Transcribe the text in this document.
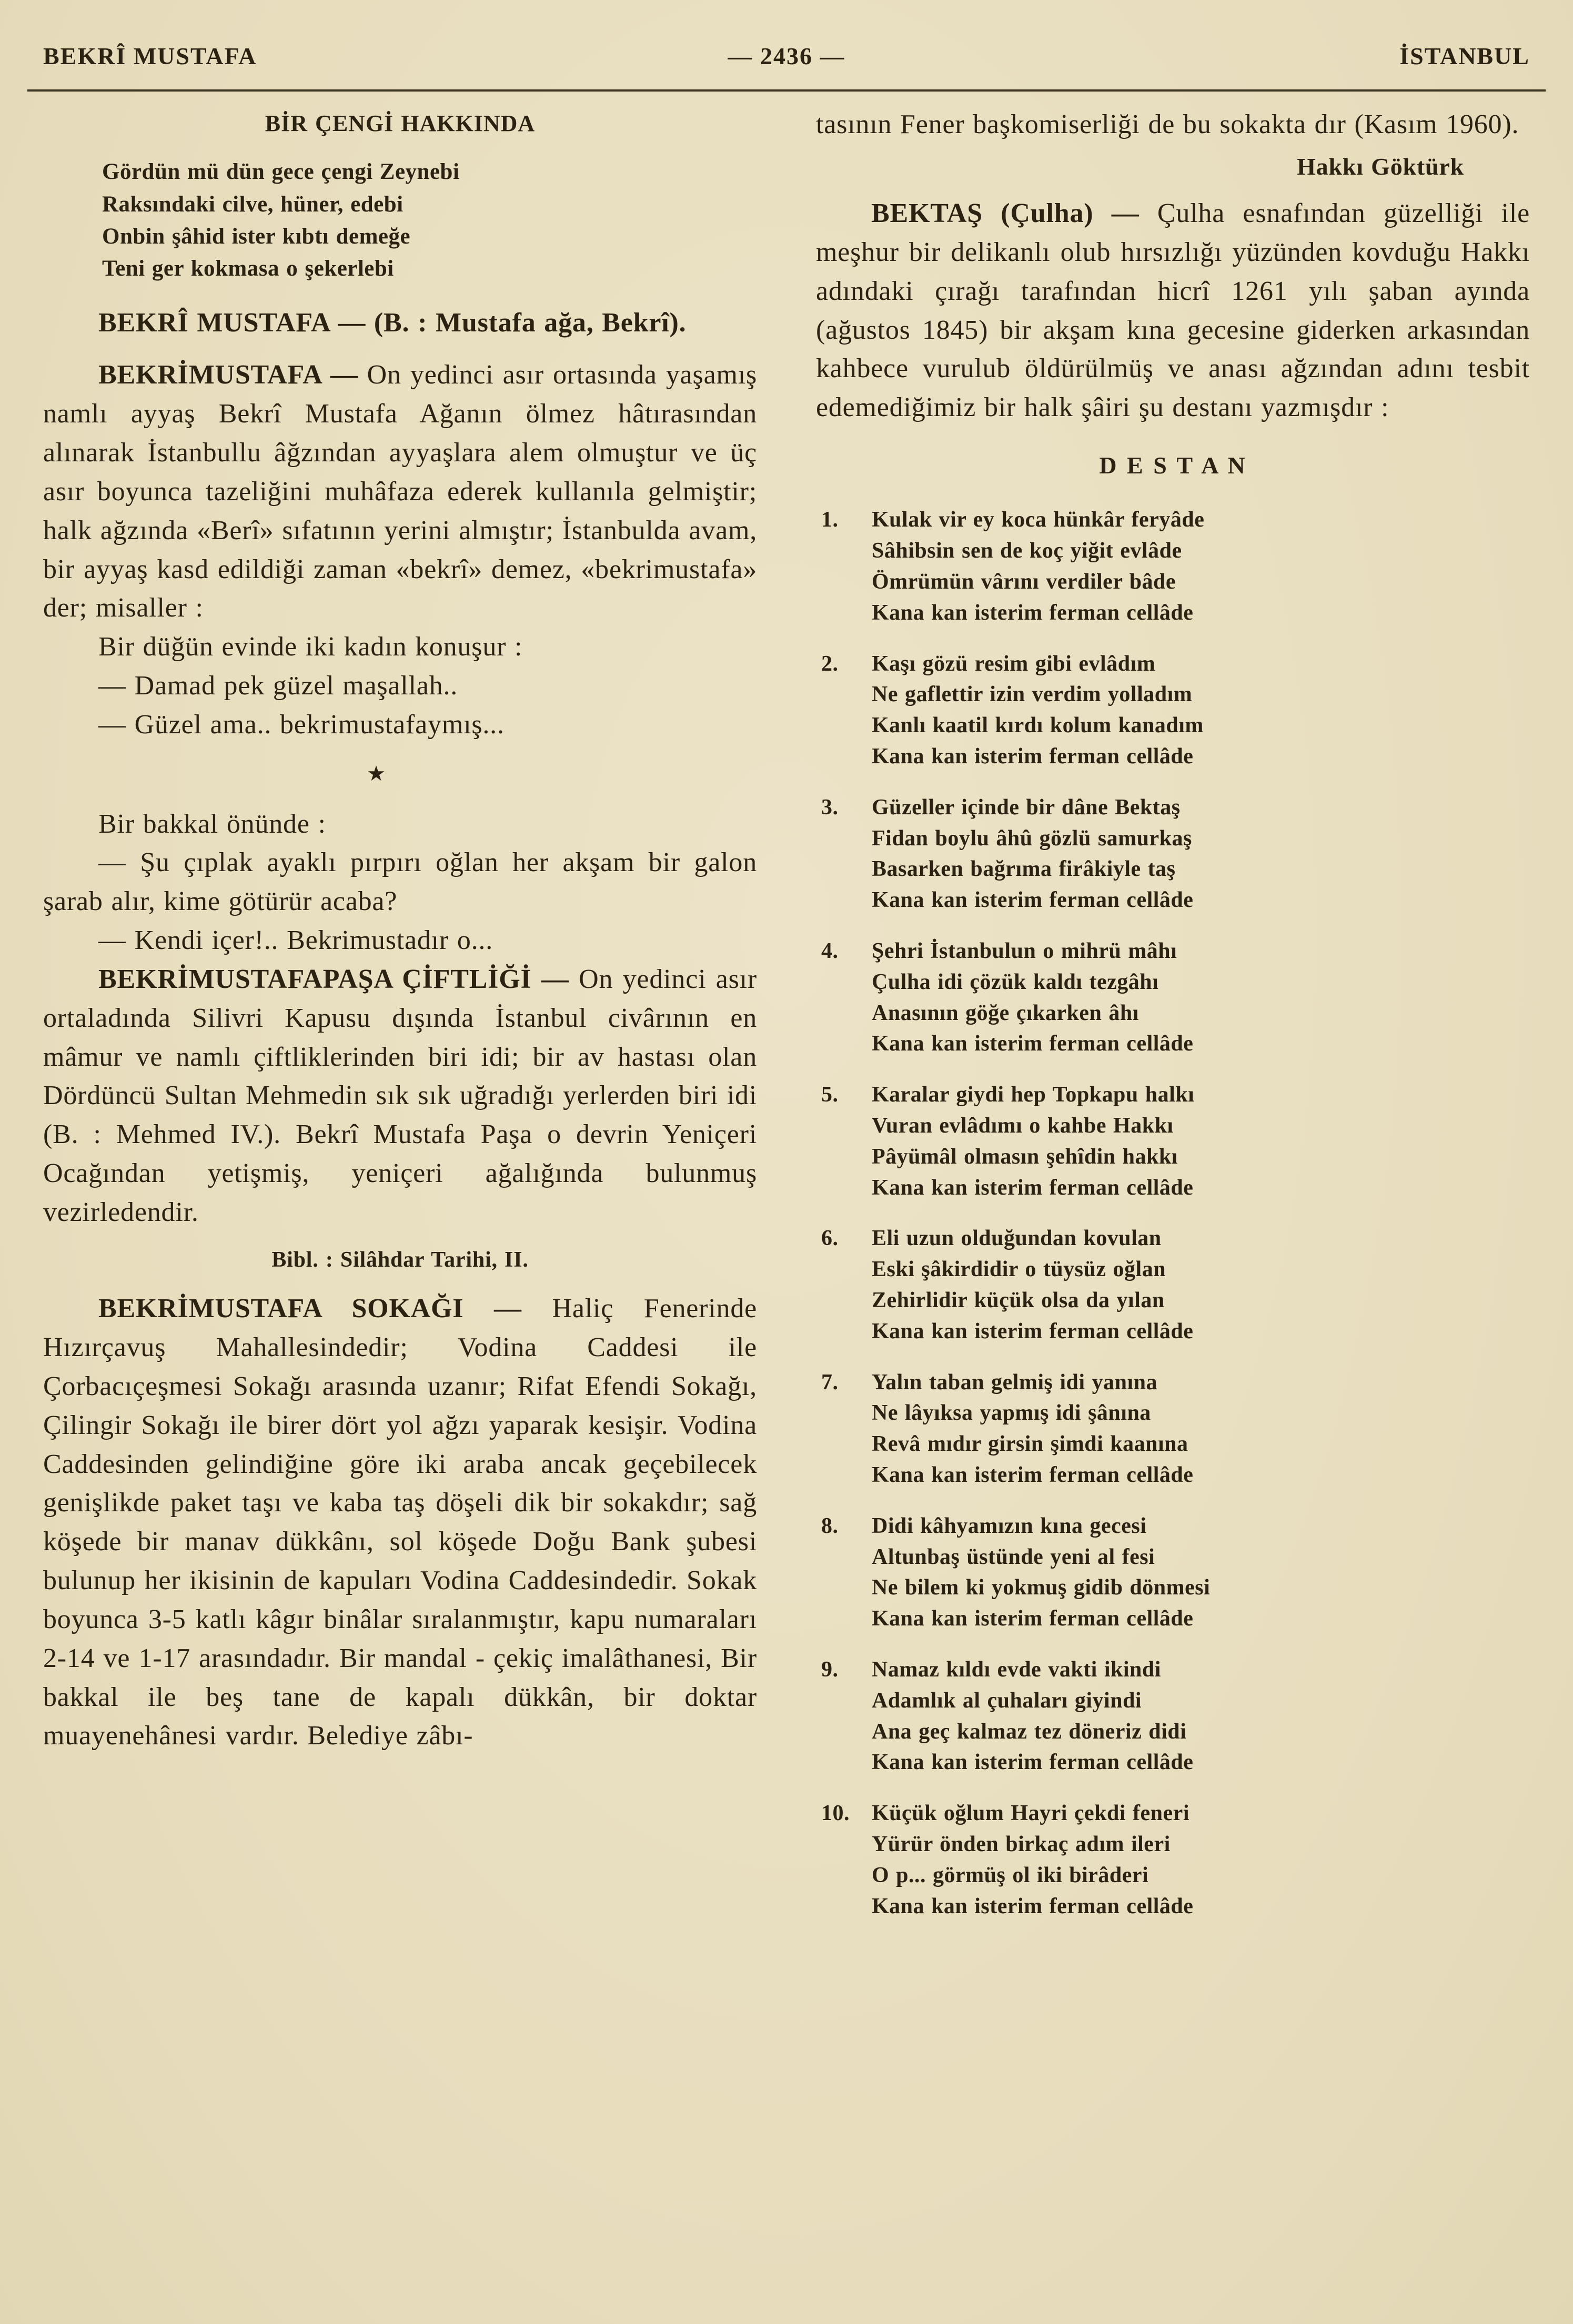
BEKRÎ MUSTAFA	— 2436 —	İSTANBUL
BİR ÇENGİ HAKKINDA
Gördün mü dün gece çengi Zeynebi
Raksındaki cilve, hüner, edebi
Onbin şâhid ister kıbtı demeğe
Teni ger kokmasa o şekerlebi
BEKRÎ MUSTAFA — (B. : Mustafa ağa, Bekrî).
BEKRİMUSTAFA — On yedinci asır ortasında yaşamış namlı ayyaş Bekrî Mustafa Ağanın ölmez hâtırasından alınarak İstanbullu âğzından ayyaşlara alem olmuştur ve üç asır boyunca tazeliğini muhâfaza ederek kullanıla gelmiştir; halk ağzında «Berî» sıfatının yerini almıştır; İstanbulda avam, bir ayyaş kasd edildiği zaman «bekrî» demez, «bekrimustafa» der; misaller :
Bir düğün evinde iki kadın konuşur :
— Damad pek güzel maşallah..
— Güzel ama.. bekrimustafaymış...
★
Bir bakkal önünde :
— Şu çıplak ayaklı pırpırı oğlan her akşam bir galon şarab alır, kime götürür acaba?
— Kendi içer!.. Bekrimustadır o...
BEKRİMUSTAFAPAŞA ÇİFTLİĞİ — On yedinci asır ortaladında Silivri Kapusu dışında İstanbul civârının en mâmur ve namlı çiftliklerinden biri idi; bir av hastası olan Dördüncü Sultan Mehmedin sık sık uğradığı yerlerden biri idi (B. : Mehmed IV.). Bekrî Mustafa Paşa o devrin Yeniçeri Ocağından yetişmiş, yeniçeri ağalığında bulunmuş vezirledendir.
Bibl. : Silâhdar Tarihi, II.
BEKRİMUSTAFA SOKAĞI — Haliç Fenerinde Hızırçavuş Mahallesindedir; Vodina Caddesi ile Çorbacıçeşmesi Sokağı arasında uzanır; Rifat Efendi Sokağı, Çilingir Sokağı ile birer dört yol ağzı yaparak kesişir. Vodina Caddesinden gelindiğine göre iki araba ancak geçebilecek genişlikde paket taşı ve kaba taş döşeli dik bir sokakdır; sağ köşede bir manav dükkânı, sol köşede Doğu Bank şubesi bulunup her ikisinin de kapuları Vodina Caddesindedir. Sokak boyunca 3-5 katlı kâgır binâlar sıralanmıştır, kapu numaraları 2-14 ve 1-17 arasındadır. Bir mandal - çekiç imalâthanesi, Bir bakkal ile beş tane de kapalı dükkân, bir doktar muayenehânesi vardır. Belediye zâbı-
tasının Fener başkomiserliği de bu sokakta dır (Kasım 1960).
Hakkı Göktürk
BEKTAŞ (Çulha) — Çulha esnafından güzelliği ile meşhur bir delikanlı olub hırsızlığı yüzünden kovduğu Hakkı adındaki çırağı tarafından hicrî 1261 yılı şaban ayında (ağustos 1845) bir akşam kına gecesine giderken arkasından kahbece vurulub öldürülmüş ve anası ağzından adını tesbit edemediğimiz bir halk şâiri şu destanı yazmışdır :
D E S T A N
1.	Kulak vir ey koca hünkâr feryâde
Sâhibsin sen de koç yiğit evlâde
Ömrümün vârını verdiler bâde
Kana kan isterim ferman cellâde
2.	Kaşı gözü resim gibi evlâdım
Ne gaflettir izin verdim yolladım
Kanlı kaatil kırdı kolum kanadım
Kana kan isterim ferman cellâde
3.	Güzeller içinde bir dâne Bektaş
Fidan boylu âhû gözlü samurkaş
Basarken bağrıma firâkiyle taş
Kana kan isterim ferman cellâde
4.	Şehri İstanbulun o mihrü mâhı
Çulha idi çözük kaldı tezgâhı
Anasının göğe çıkarken âhı
Kana kan isterim ferman cellâde
5.	Karalar giydi hep Topkapu halkı
Vuran evlâdımı o kahbe Hakkı
Pâyümâl olmasın şehîdin hakkı
Kana kan isterim ferman cellâde
6.	Eli uzun olduğundan kovulan
Eski şâkirdidir o tüysüz oğlan
Zehirlidir küçük olsa da yılan
Kana kan isterim ferman cellâde
7.	Yalın taban gelmiş idi yanına
Ne lâyıksa yapmış idi şânına
Revâ mıdır girsin şimdi kaanına
Kana kan isterim ferman cellâde
8.	Didi kâhyamızın kına gecesi
Altunbaş üstünde yeni al fesi
Ne bilem ki yokmuş gidib dönmesi
Kana kan isterim ferman cellâde
9.	Namaz kıldı evde vakti ikindi
Adamlık al çuhaları giyindi
Ana geç kalmaz tez döneriz didi
Kana kan isterim ferman cellâde
10.	Küçük oğlum Hayri çekdi feneri
Yürür önden birkaç adım ileri
O p... görmüş ol iki birâderi
Kana kan isterim ferman cellâde
